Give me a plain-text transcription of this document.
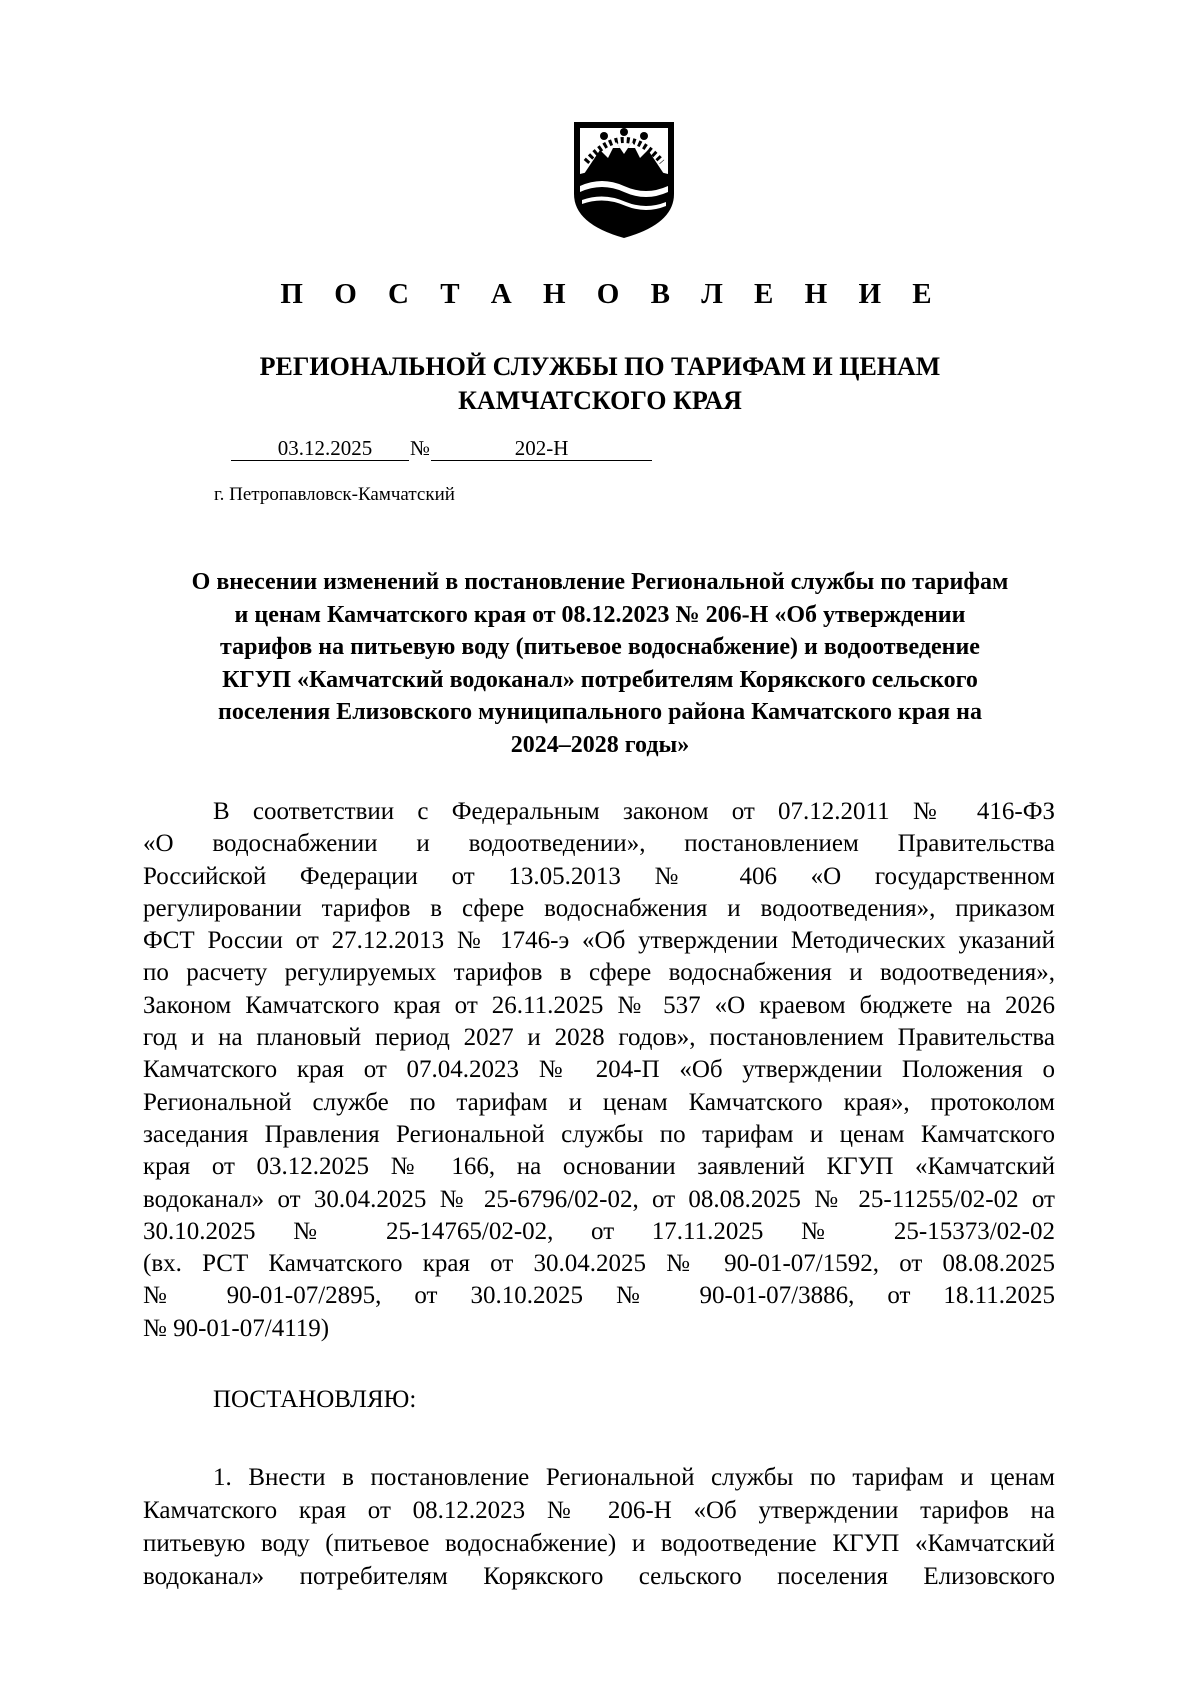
П О С Т А Н О В Л Е Н И Е
РЕГИОНАЛЬНОЙ СЛУЖБЫ ПО ТАРИФАМ И ЦЕНАМ
КАМЧАТСКОГО КРАЯ
03.12.2025 №	202-Н
г. Петропавловск-Камчатский
О внесении изменений в постановление Региональной службы по тарифам
и ценам Камчатского края от 08.12.2023 № 206-Н «Об утверждении
тарифов на питьевую воду (питьевое водоснабжение) и водоотведение
КГУП «Камчатский водоканал» потребителям Корякского сельского
поселения Елизовского муниципального района Камчатского края на
2024–2028 годы»
В соответствии с Федеральным законом от 07.12.2011 № 416-ФЗ
«О водоснабжении и водоотведении», постановлением Правительства
Российской Федерации от 13.05.2013 № 406 «О государственном
регулировании тарифов в сфере водоснабжения и водоотведения», приказом
ФСТ России от 27.12.2013 № 1746-э «Об утверждении Методических указаний
по расчету регулируемых тарифов в сфере водоснабжения и водоотведения»,
Законом Камчатского края от 26.11.2025 № 537 «О краевом бюджете на 2026
год и на плановый период 2027 и 2028 годов», постановлением Правительства
Камчатского края от 07.04.2023 № 204-П «Об утверждении Положения о
Региональной службе по тарифам и ценам Камчатского края», протоколом
заседания Правления Региональной службы по тарифам и ценам Камчатского
края от 03.12.2025 № 166, на основании заявлений КГУП «Камчатский
водоканал» от 30.04.2025 № 25-6796/02-02, от 08.08.2025 № 25-11255/02-02 от
30.10.2025 № 25-14765/02-02, от 17.11.2025 № 25-15373/02-02
(вх. РСТ Камчатского края от 30.04.2025 № 90-01-07/1592, от 08.08.2025
№ 90-01-07/2895, от 30.10.2025 № 90-01-07/3886, от 18.11.2025
№ 90-01-07/4119)
ПОСТАНОВЛЯЮ:
1. Внести в постановление Региональной службы по тарифам и ценам
Камчатского края от 08.12.2023 № 206-Н «Об утверждении тарифов на
питьевую воду (питьевое водоснабжение) и водоотведение КГУП «Камчатский
водоканал» потребителям Корякского сельского поселения Елизовского
